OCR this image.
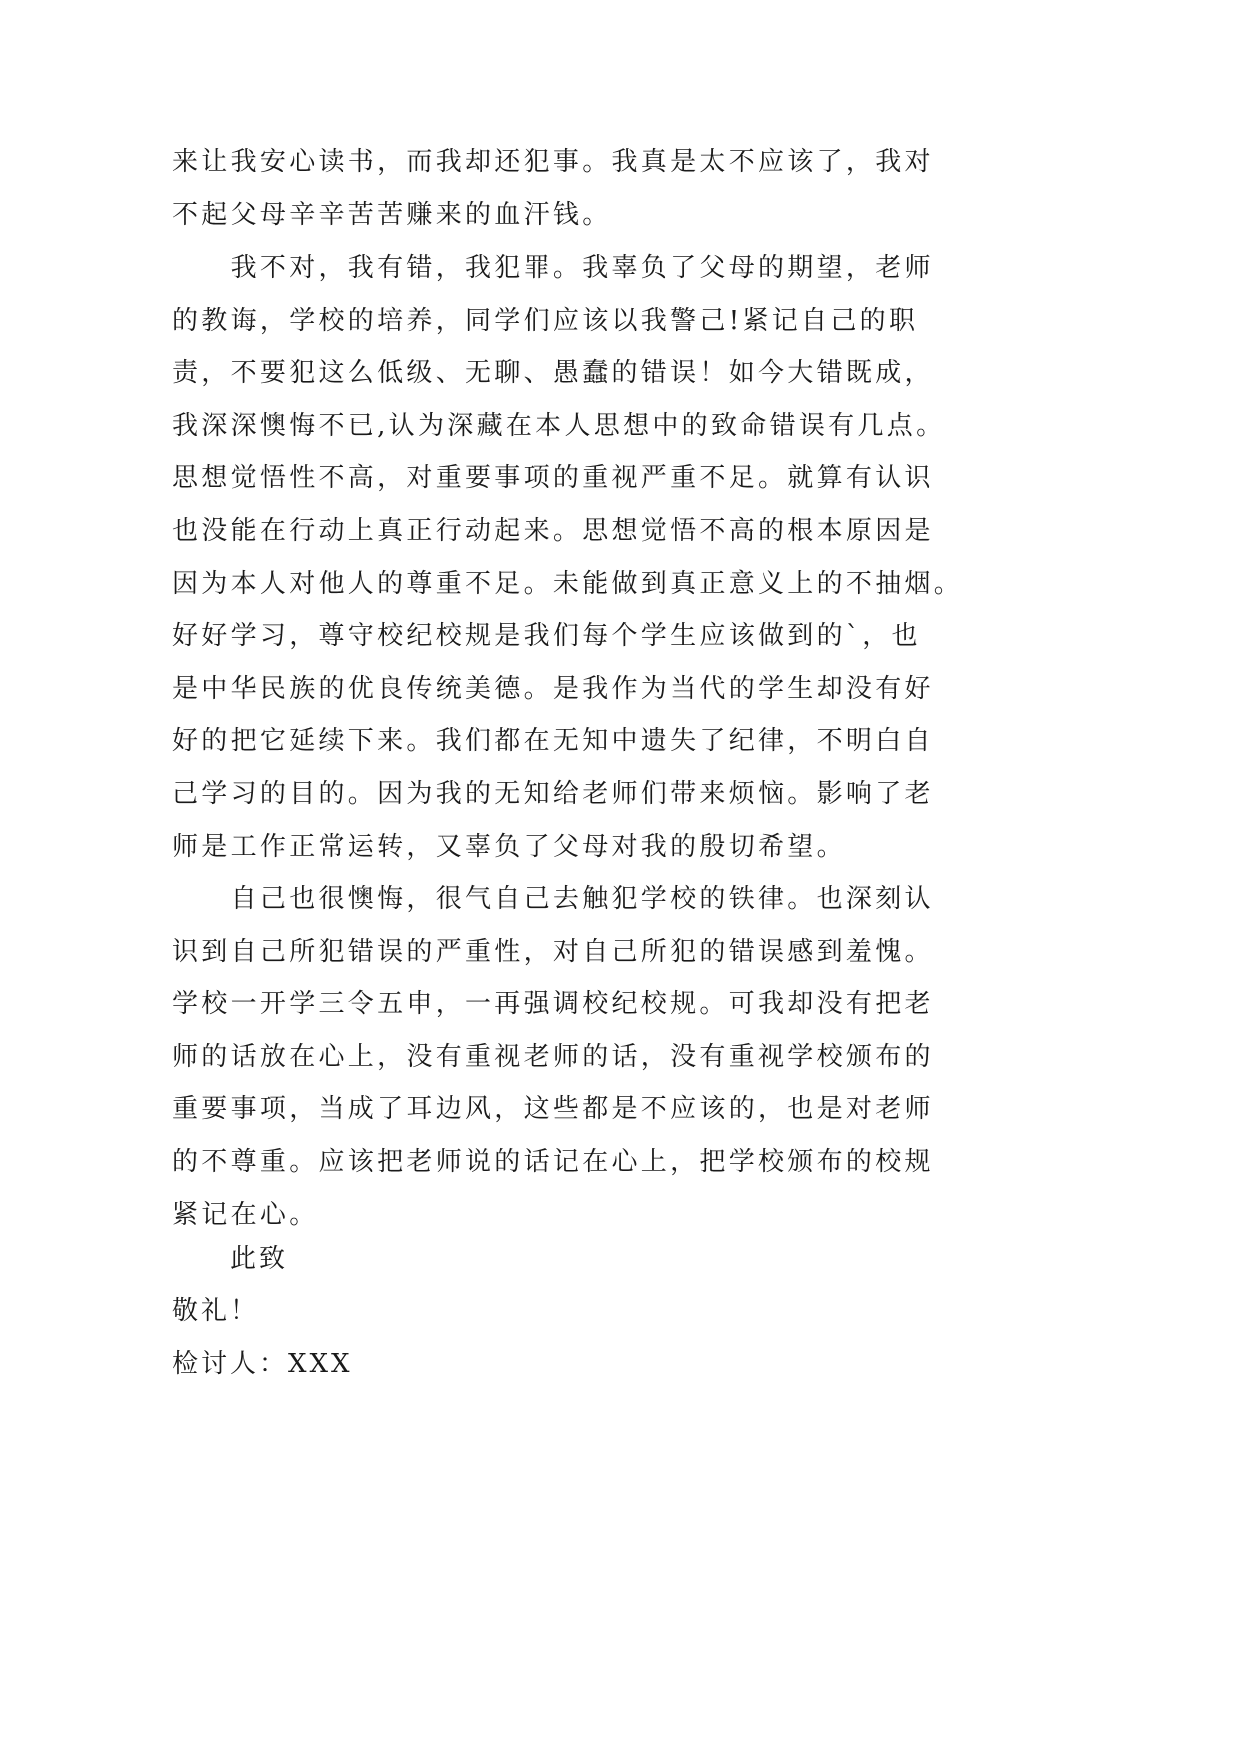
来让我安心读书，而我却还犯事。我真是太不应该了，我对
不起父母辛辛苦苦赚来的血汗钱。
　　我不对，我有错，我犯罪。我辜负了父母的期望，老师
的教诲，学校的培养，同学们应该以我警己!紧记自己的职
责，不要犯这么低级、无聊、愚蠢的错误！如今大错既成，
我深深懊悔不已,认为深藏在本人思想中的致命错误有几点。
思想觉悟性不高，对重要事项的重视严重不足。就算有认识
也没能在行动上真正行动起来。思想觉悟不高的根本原因是
因为本人对他人的尊重不足。未能做到真正意义上的不抽烟。
好好学习，尊守校纪校规是我们每个学生应该做到的`，也
是中华民族的优良传统美德。是我作为当代的学生却没有好
好的把它延续下来。我们都在无知中遗失了纪律，不明白自
己学习的目的。因为我的无知给老师们带来烦恼。影响了老
师是工作正常运转，又辜负了父母对我的殷切希望。
　　自己也很懊悔，很气自己去触犯学校的铁律。也深刻认
识到自己所犯错误的严重性，对自己所犯的错误感到羞愧。
学校一开学三令五申，一再强调校纪校规。可我却没有把老
师的话放在心上，没有重视老师的话，没有重视学校颁布的
重要事项，当成了耳边风，这些都是不应该的，也是对老师
的不尊重。应该把老师说的话记在心上，把学校颁布的校规
紧记在心。
　　此致
敬礼！
检讨人：XXX
